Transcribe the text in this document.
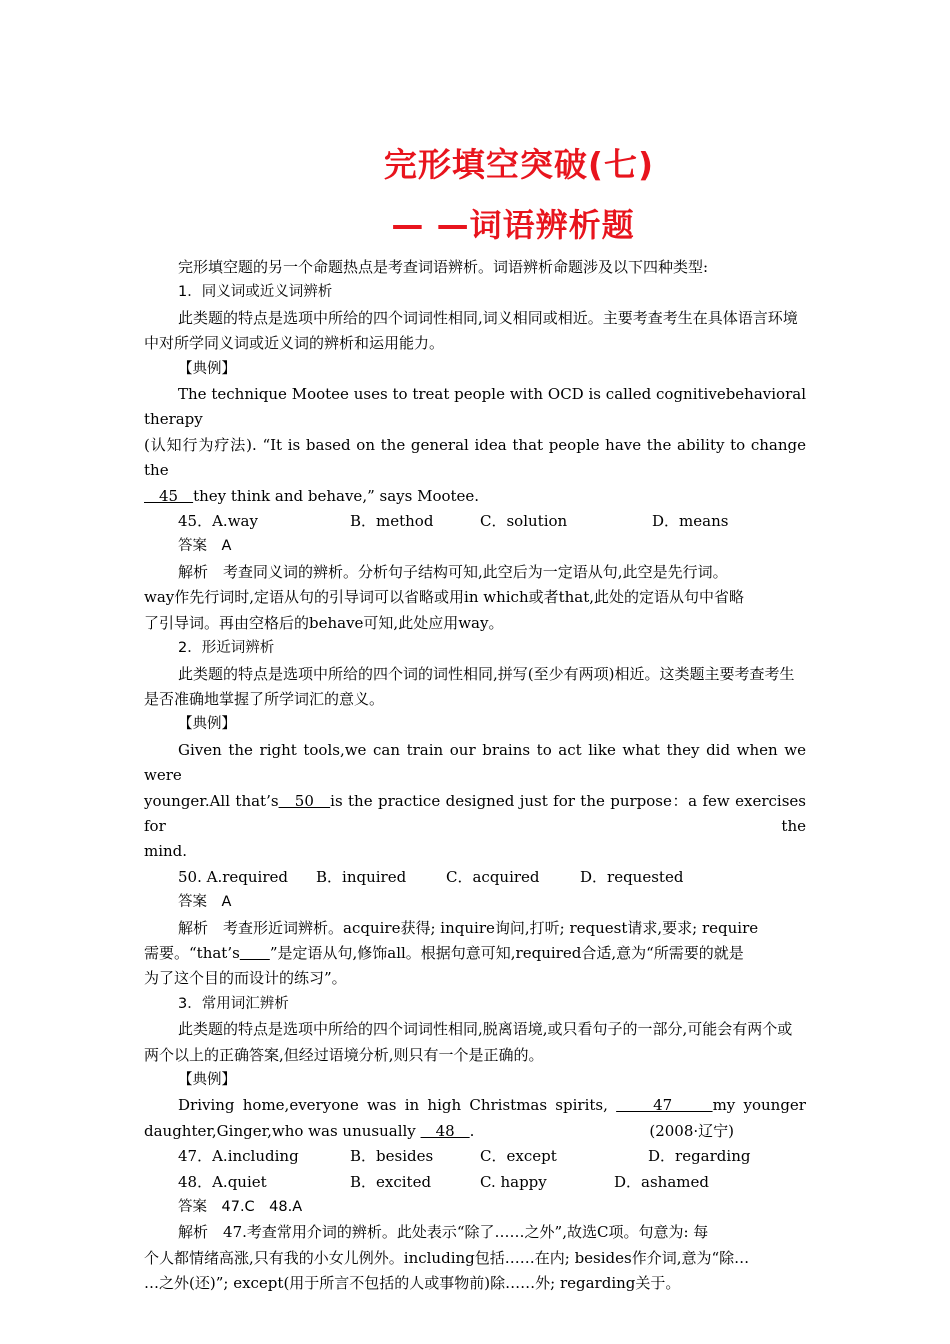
完形填空突破(七)
— —词语辨析题

完形填空题的另一个命题热点是考查词语辨析。词语辨析命题涉及以下四种类型:

1．同义词或近义词辨析

此类题的特点是选项中所给的四个词词性相同,词义相同或相近。主要考查考生在具体语言环境中对所学同义词或近义词的辨析和运用能力。

【典例】

The technique Mootee uses to treat people with OCD is called cognitivebehavioral therapy

(认知行为疗法). “It is based on the general idea that people have the ability to change the

　45　they think and behave,” says Mootee.

45．A.way	B．method	C．solution	D．means

答案　 A

解析　 考查同义词的辨析。分析句子结构可知,此空后为一定语从句,此空是先行词。

way作先行词时,定语从句的引导词可以省略或用in which或者that,此处的定语从句中省略

了引导词。再由空格后的behave可知,此处应用way。

2．形近词辨析

此类题的特点是选项中所给的四个词的词性相同,拼写(至少有两项)相近。这类题主要考查考生是否准确地掌握了所学词汇的意义。

【典例】

Given the right tools,we can train our brains to act like what they did when we were

younger.All that’s　50　is the practice designed just for the purpose：a few exercises for the

mind.

50. A.required B．inquired	C．acquired	D．requested

答案　 A

解析　 考查形近词辨析。acquire获得; inquire询问,打听; request请求,要求; require

需要。“that’s　　 ”是定语从句,修饰all。根据句意可知,required合适,意为“所需要的就是

为了这个目的而设计的练习”。

3．常用词汇辨析

此类题的特点是选项中所给的四个词词性相同,脱离语境,或只看句子的一部分,可能会有两个或两个以上的正确答案,但经过语境分析,则只有一个是正确的。

【典例】

Driving home,everyone was in high Christmas spirits, 　　47　　my younger

daughter,Ginger,who was unusually 　48　.	(2008·辽宁)

47．A.including	B．besides	C．except	D．regarding

48．A.quiet	B．excited	C. happy	D．ashamed

答案　 47.C　48.A

解析　 47.考查常用介词的辨析。此处表示“除了……之外”,故选C项。句意为: 每

个人都情绪高涨,只有我的小女儿例外。including包括……在内; besides作介词,意为“除…

…之外(还)”; except(用于所言不包括的人或事物前)除……外; regarding关于。
